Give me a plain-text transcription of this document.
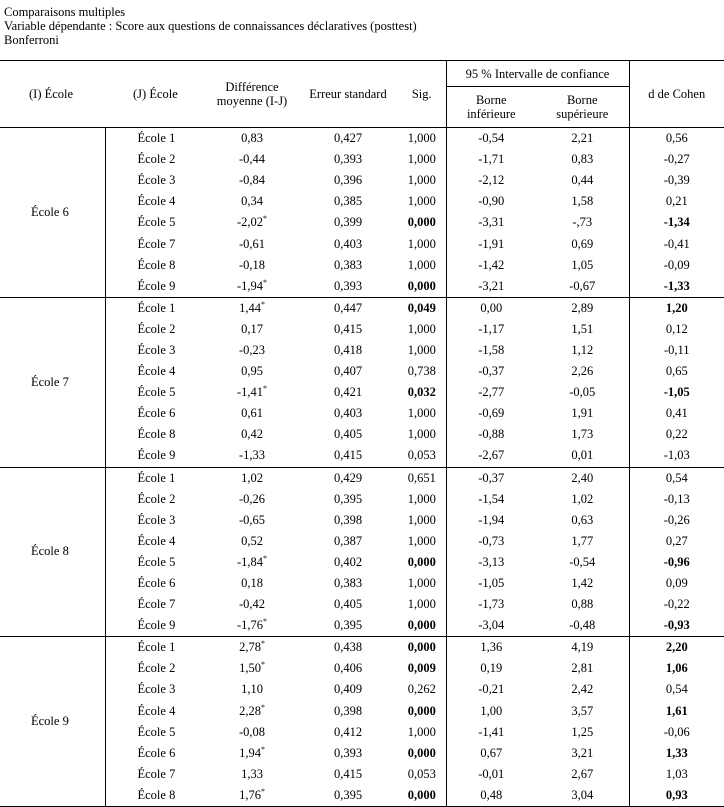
Comparaisons multiples
Variable dépendante : Score aux questions de connaissances déclaratives (posttest)
Bonferroni
(I) École	(J) École	Différence
moyenne (I-J)	Erreur standard	Sig.	95 % Intervalle de confiance		d de Cohen
					Borne
inférieure	Borne
supérieure	
École 6	École 1	0,83	0,427	1,000	-0,54	2,21	0,56
	École 2	-0,44	0,393	1,000	-1,71	0,83	-0,27
	École 3	-0,84	0,396	1,000	-2,12	0,44	-0,39
	École 4	0,34	0,385	1,000	-0,90	1,58	0,21
	École 5	-2,02*	0,399	0,000	-3,31	-,73	-1,34
	École 7	-0,61	0,403	1,000	-1,91	0,69	-0,41
	École 8	-0,18	0,383	1,000	-1,42	1,05	-0,09
	École 9	-1,94*	0,393	0,000	-3,21	-0,67	-1,33
École 7	École 1	1,44*	0,447	0,049	0,00	2,89	1,20
	École 2	0,17	0,415	1,000	-1,17	1,51	0,12
	École 3	-0,23	0,418	1,000	-1,58	1,12	-0,11
	École 4	0,95	0,407	0,738	-0,37	2,26	0,65
	École 5	-1,41*	0,421	0,032	-2,77	-0,05	-1,05
	École 6	0,61	0,403	1,000	-0,69	1,91	0,41
	École 8	0,42	0,405	1,000	-0,88	1,73	0,22
	École 9	-1,33	0,415	0,053	-2,67	0,01	-1,03
École 8	École 1	1,02	0,429	0,651	-0,37	2,40	0,54
	École 2	-0,26	0,395	1,000	-1,54	1,02	-0,13
	École 3	-0,65	0,398	1,000	-1,94	0,63	-0,26
	École 4	0,52	0,387	1,000	-0,73	1,77	0,27
	École 5	-1,84*	0,402	0,000	-3,13	-0,54	-0,96
	École 6	0,18	0,383	1,000	-1,05	1,42	0,09
	École 7	-0,42	0,405	1,000	-1,73	0,88	-0,22
	École 9	-1,76*	0,395	0,000	-3,04	-0,48	-0,93
École 9	École 1	2,78*	0,438	0,000	1,36	4,19	2,20
	École 2	1,50*	0,406	0,009	0,19	2,81	1,06
	École 3	1,10	0,409	0,262	-0,21	2,42	0,54
	École 4	2,28*	0,398	0,000	1,00	3,57	1,61
	École 5	-0,08	0,412	1,000	-1,41	1,25	-0,06
	École 6	1,94*	0,393	0,000	0,67	3,21	1,33
	École 7	1,33	0,415	0,053	-0,01	2,67	1,03
	École 8	1,76*	0,395	0,000	0,48	3,04	0,93
